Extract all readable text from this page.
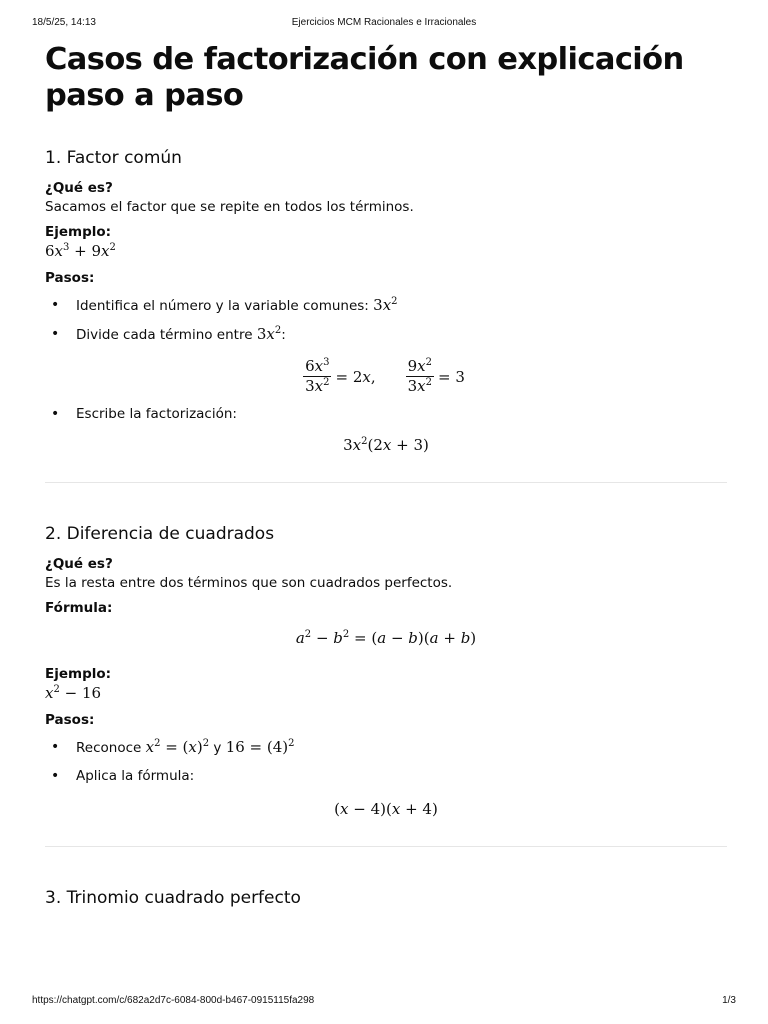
18/5/25, 14:13	Ejercicios MCM Racionales e Irracionales
Casos de factorización con explicación paso a paso
1. Factor común
¿Qué es?
Sacamos el factor que se repite en todos los términos.
Ejemplo:
$6x^3 + 9x^2$
Pasos:
• Identifica el número y la variable comunes: $3x^2$
• Divide cada término entre $3x^2$:
$\frac{6x^3}{3x^2} = 2x$, $\frac{9x^2}{3x^2} = 3$
• Escribe la factorización:
$3x^2(2x + 3)$
2. Diferencia de cuadrados
¿Qué es?
Es la resta entre dos términos que son cuadrados perfectos.
Fórmula:
$a^2 - b^2 = (a - b)(a + b)$
Ejemplo:
$x^2 - 16$
Pasos:
• Reconoce $x^2 = (x)^2$ y $16 = (4)^2$
• Aplica la fórmula:
(x − 4)(x + 4)
3. Trinomio cuadrado perfecto
https://chatgpt.com/c/682a2d7c-6084-800d-b467-0915115fa298	1/3
